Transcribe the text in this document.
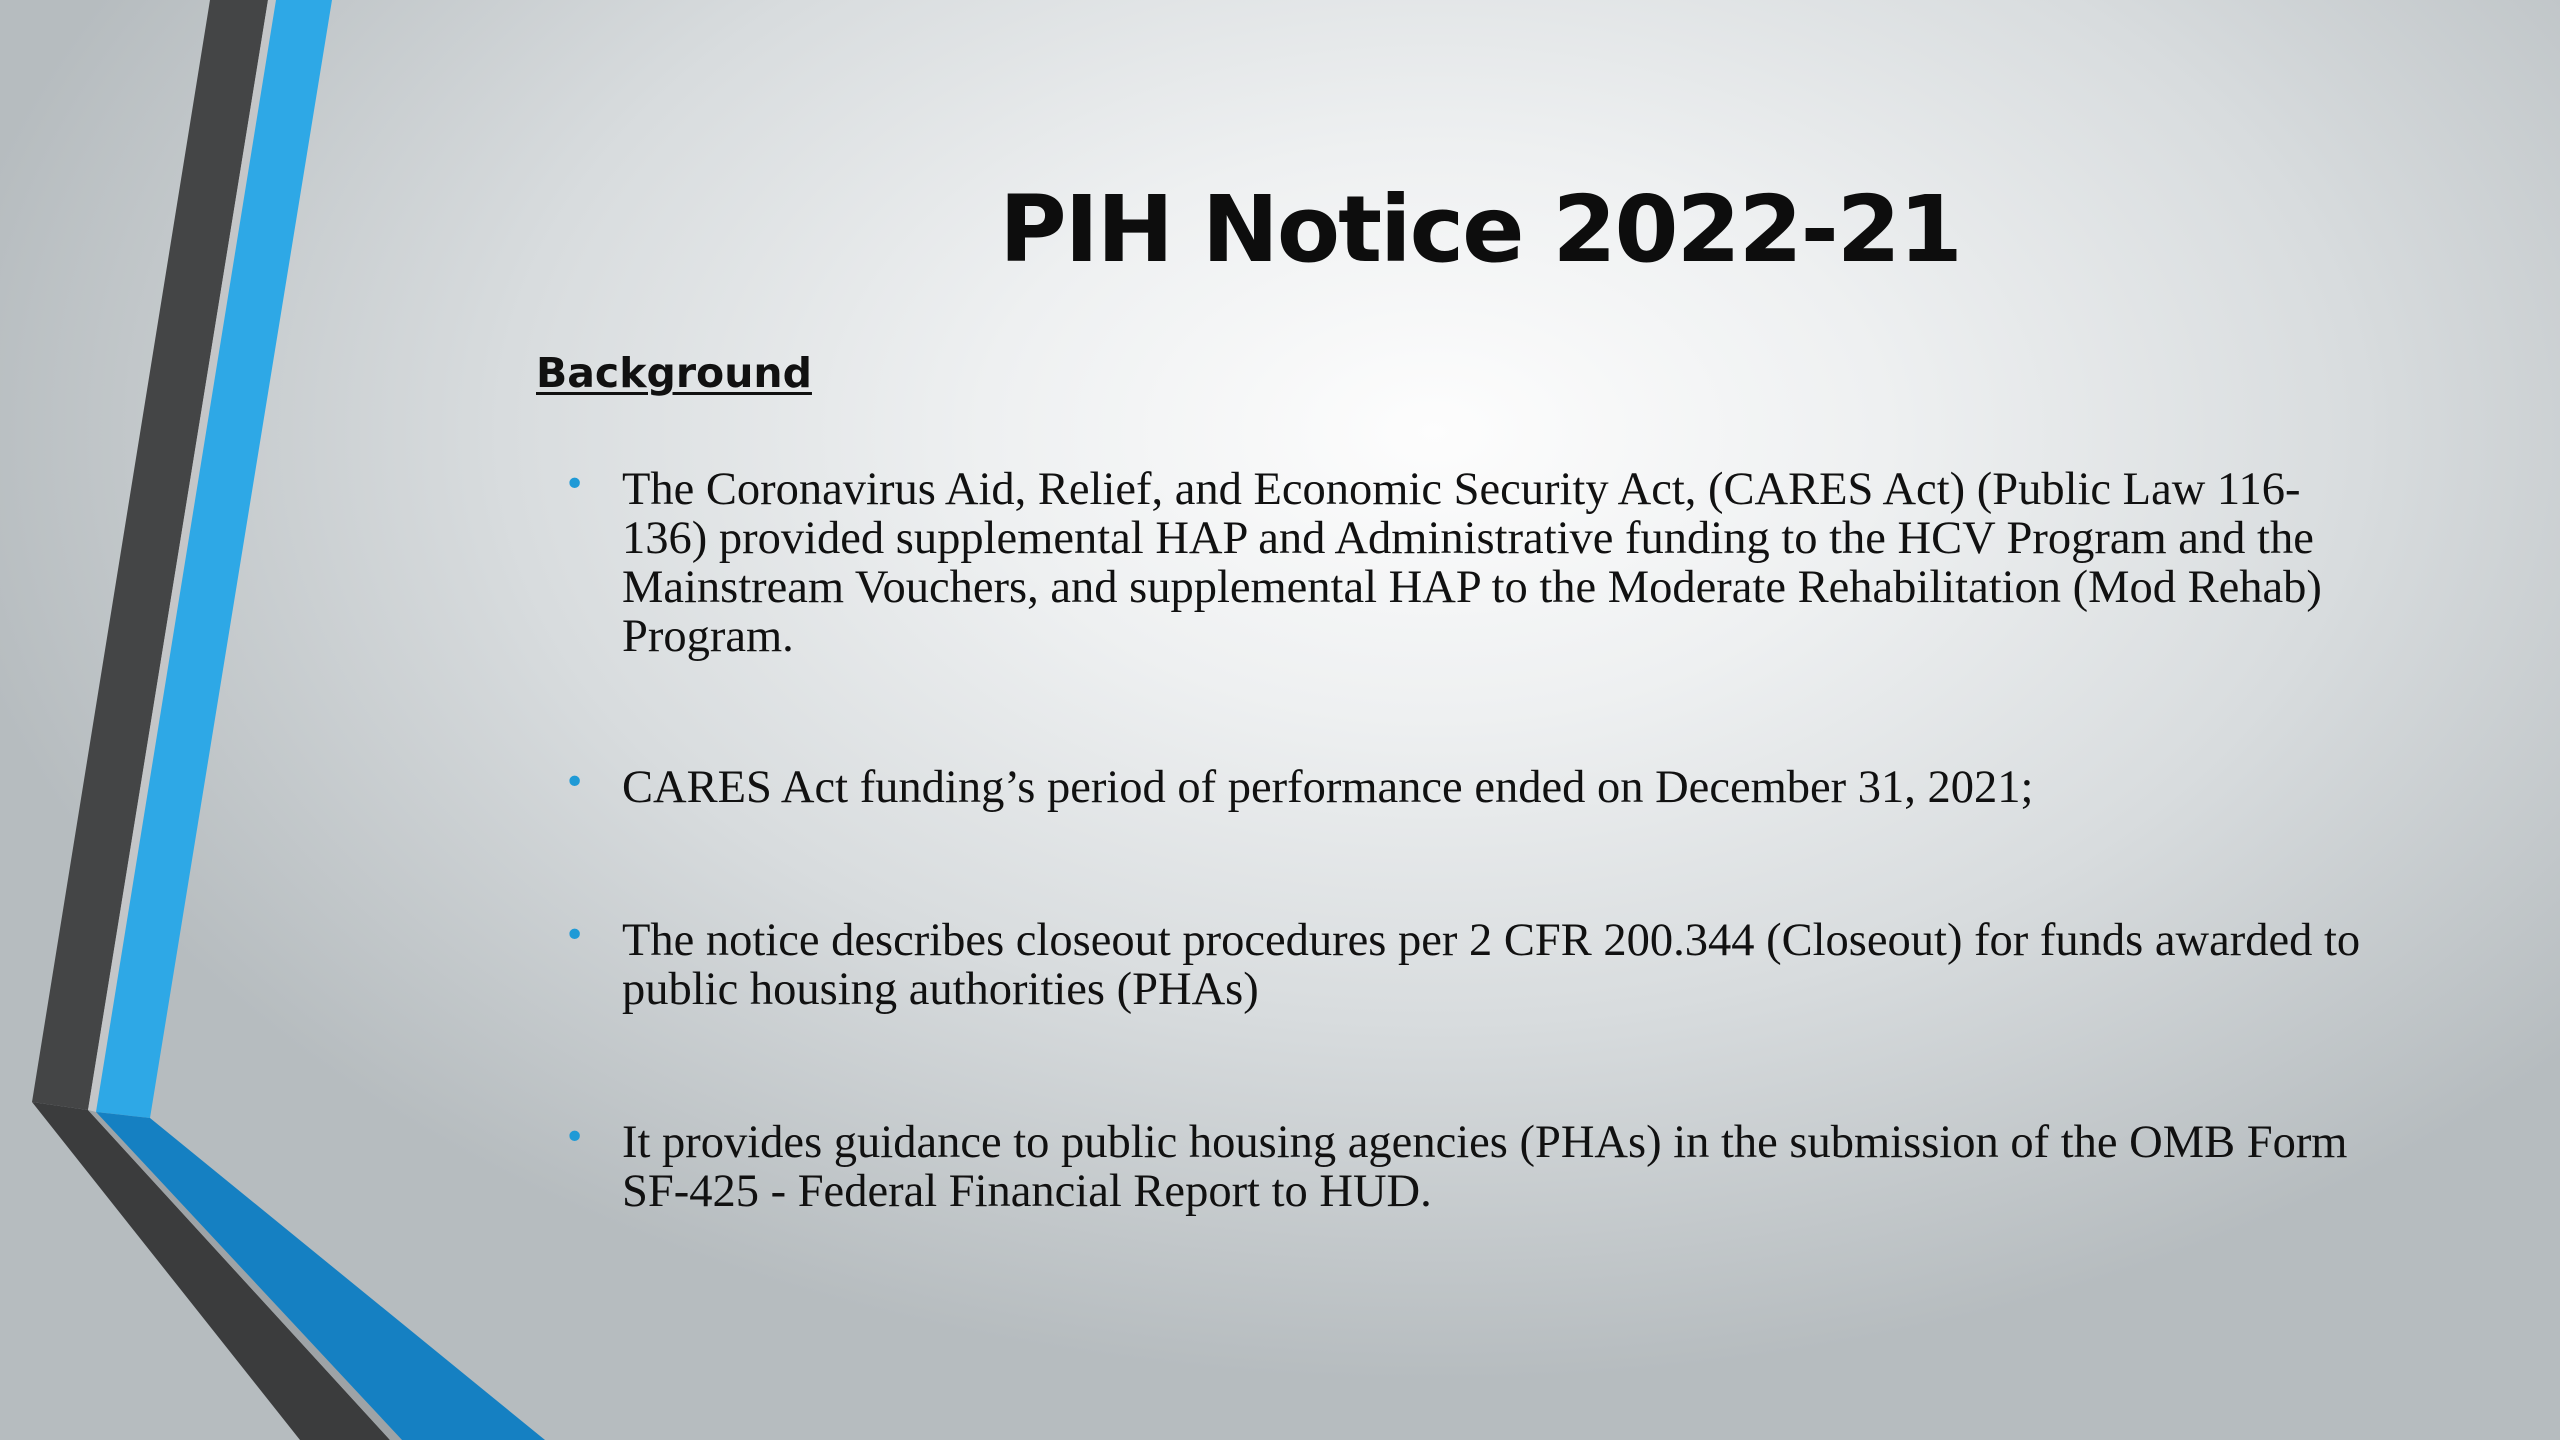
PIH Notice 2022-21
Background
• The Coronavirus Aid, Relief, and Economic Security Act, (CARES Act) (Public Law 116-136) provided supplemental HAP and Administrative funding to the HCV Program and the Mainstream Vouchers, and supplemental HAP to the Moderate Rehabilitation (Mod Rehab) Program.
• CARES Act funding’s period of performance ended on December 31, 2021;
• The notice describes closeout procedures per 2 CFR 200.344 (Closeout) for funds awarded to public housing authorities (PHAs)
• It provides guidance to public housing agencies (PHAs) in the submission of the OMB Form SF-425 - Federal Financial Report to HUD.
